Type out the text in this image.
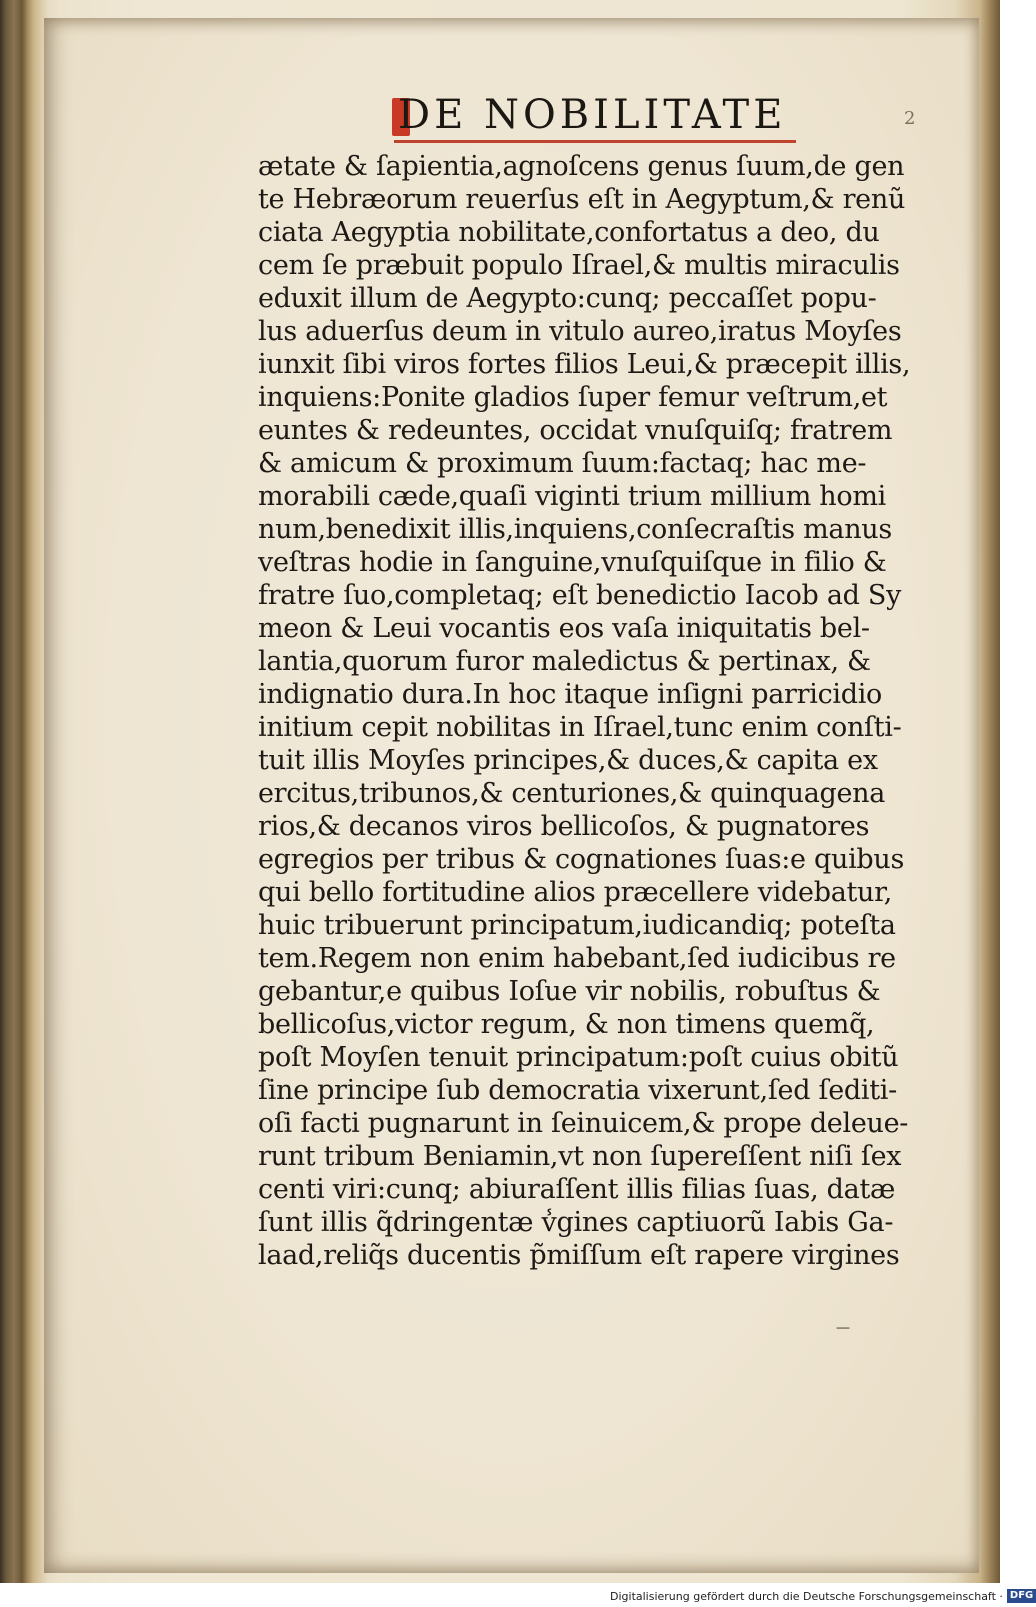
DE NOBILITATE	2
ætate & ſapientia,agnoſcens genus ſuum,de gen
te Hebræorum reuerſus eſt in Aegyptum,& renũ
ciata Aegyptia nobilitate,confortatus a deo, du
cem ſe præbuit populo Iſrael,& multis miraculis
eduxit illum de Aegypto:cunq; peccaſſet popu-
lus aduerſus deum in vitulo aureo,iratus Moyſes
iunxit ſibi viros fortes filios Leui,& præcepit illis,
inquiens:Ponite gladios ſuper femur veſtrum,et
euntes & redeuntes, occidat vnuſquiſq; fratrem
& amicum & proximum ſuum:factaq; hac me-
morabili cæde,quaſi viginti trium millium homi
num,benedixit illis,inquiens,conſecraſtis manus
veſtras hodie in ſanguine,vnuſquiſque in filio &
fratre ſuo,completaq; eſt benedictio Iacob ad Sy
meon & Leui vocantis eos vaſa iniquitatis bel-
lantia,quorum furor maledictus & pertinax, &
indignatio dura.In hoc itaque inſigni parricidio
initium cepit nobilitas in Iſrael,tunc enim conſti-
tuit illis Moyſes principes,& duces,& capita ex
ercitus,tribunos,& centuriones,& quinquagena
rios,& decanos viros bellicoſos, & pugnatores
egregios per tribus & cognationes ſuas:e quibus
qui bello fortitudine alios præcellere videbatur,
huic tribuerunt principatum,iudicandiq; poteſta
tem.Regem non enim habebant,ſed iudicibus re
gebantur,e quibus Ioſue vir nobilis, robuſtus &
bellicoſus,victor regum, & non timens quemq̃,
poſt Moyſen tenuit principatum:poſt cuius obitũ
ſine principe ſub democratia vixerunt,ſed ſediti-
oſi facti pugnarunt in ſeinuicem,& prope deleue-
runt tribum Beniamin,vt non ſupereſſent niſi ſex
centi viri:cunq; abiuraſſent illis filias ſuas, datæ
ſunt illis q̃dringentæ v̾gines captiuorũ Iabis Ga-
laad,reliq̃s ducentis p̃miſſum eſt rapere virgines
—
Digitalisierung gefördert durch die Deutsche Forschungsgemeinschaft · DFG
